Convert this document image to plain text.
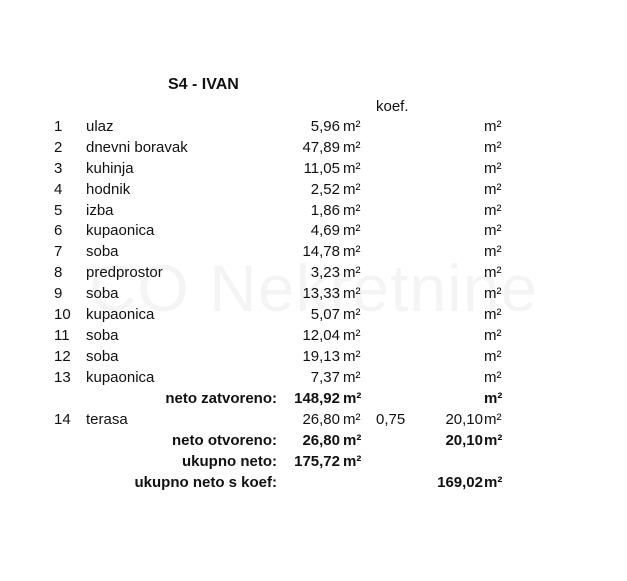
S4 - IVAN
koef.
1 ulaz	5,96 m²	m²
2 dnevni boravak	47,89 m²	m²
3 kuhinja	11,05 m²	m²
4 hodnik	2,52 m²	m²
5 izba	1,86 m²	m²
6 kupaonica	4,69 m²	m²
7 soba	14,78 m²	m²
8 predprostor	3,23 m²	m²
9 soba	13,33 m²	m²
10 kupaonica	5,07 m²	m²
11 soba	12,04 m²	m²
12 soba	19,13 m²	m²
13 kupaonica	7,37 m²	m²
neto zatvoreno: 148,92 m²	m²
14 terasa	26,80 m² 0,75	20,10 m²
neto otvoreno: 26,80 m²	20,10 m²
ukupno neto: 175,72 m²
ukupno neto s koef:	169,02 m²
